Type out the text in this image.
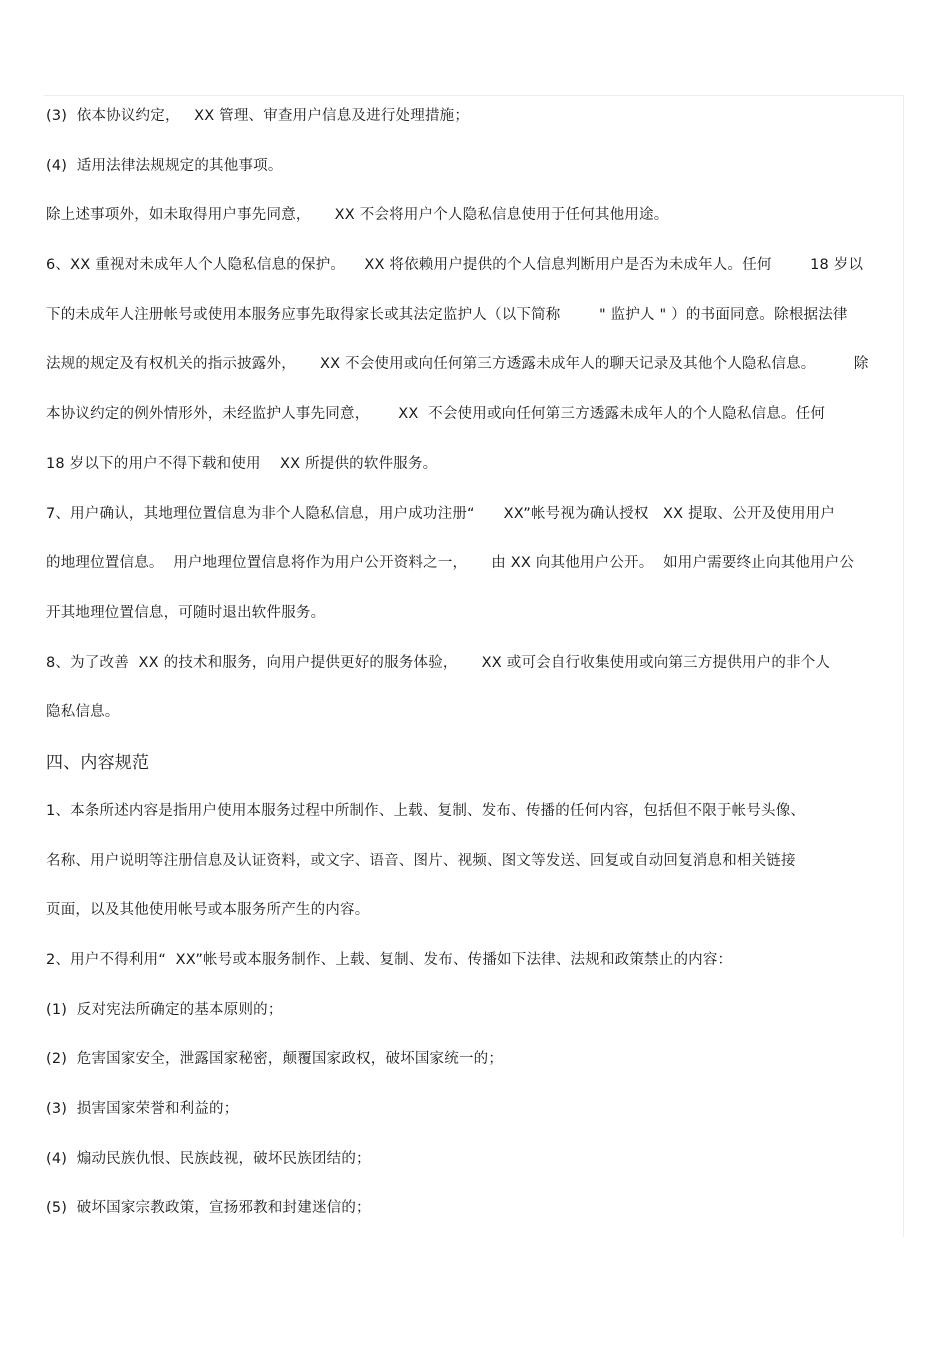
(3)  依本协议约定，   XX 管理、审查用户信息及进行处理措施；
(4)  适用法律法规规定的其他事项。
除上述事项外，如未取得用户事先同意，     XX 不会将用户个人隐私信息使用于任何其他用途。
6、XX 重视对未成年人个人隐私信息的保护。    XX 将依赖用户提供的个人信息判断用户是否为未成年人。任何        18 岁以
下的未成年人注册帐号或使用本服务应事先取得家长或其法定监护人（以下简称        " 监护人 " ）的书面同意。除根据法律
法规的规定及有权机关的指示披露外，     XX 不会使用或向任何第三方透露未成年人的聊天记录及其他个人隐私信息。        除
本协议约定的例外情形外，未经监护人事先同意，      XX  不会使用或向任何第三方透露未成年人的个人隐私信息。任何
18 岁以下的用户不得下载和使用    XX 所提供的软件服务。
7、用户确认，其地理位置信息为非个人隐私信息，用户成功注册“      XX”帐号视为确认授权   XX 提取、公开及使用用户
的地理位置信息。  用户地理位置信息将作为用户公开资料之一，     由 XX 向其他用户公开。  如用户需要终止向其他用户公
开其地理位置信息，可随时退出软件服务。
8、为了改善  XX 的技术和服务，向用户提供更好的服务体验，     XX 或可会自行收集使用或向第三方提供用户的非个人
隐私信息。
四、内容规范
1、本条所述内容是指用户使用本服务过程中所制作、上载、复制、发布、传播的任何内容，包括但不限于帐号头像、
名称、用户说明等注册信息及认证资料，或文字、语音、图片、视频、图文等发送、回复或自动回复消息和相关链接
页面，以及其他使用帐号或本服务所产生的内容。
2、用户不得利用“  XX”帐号或本服务制作、上载、复制、发布、传播如下法律、法规和政策禁止的内容：
(1)  反对宪法所确定的基本原则的；
(2)  危害国家安全，泄露国家秘密，颠覆国家政权，破坏国家统一的；
(3)  损害国家荣誉和利益的；
(4)  煽动民族仇恨、民族歧视，破坏民族团结的；
(5)  破坏国家宗教政策，宣扬邪教和封建迷信的；
